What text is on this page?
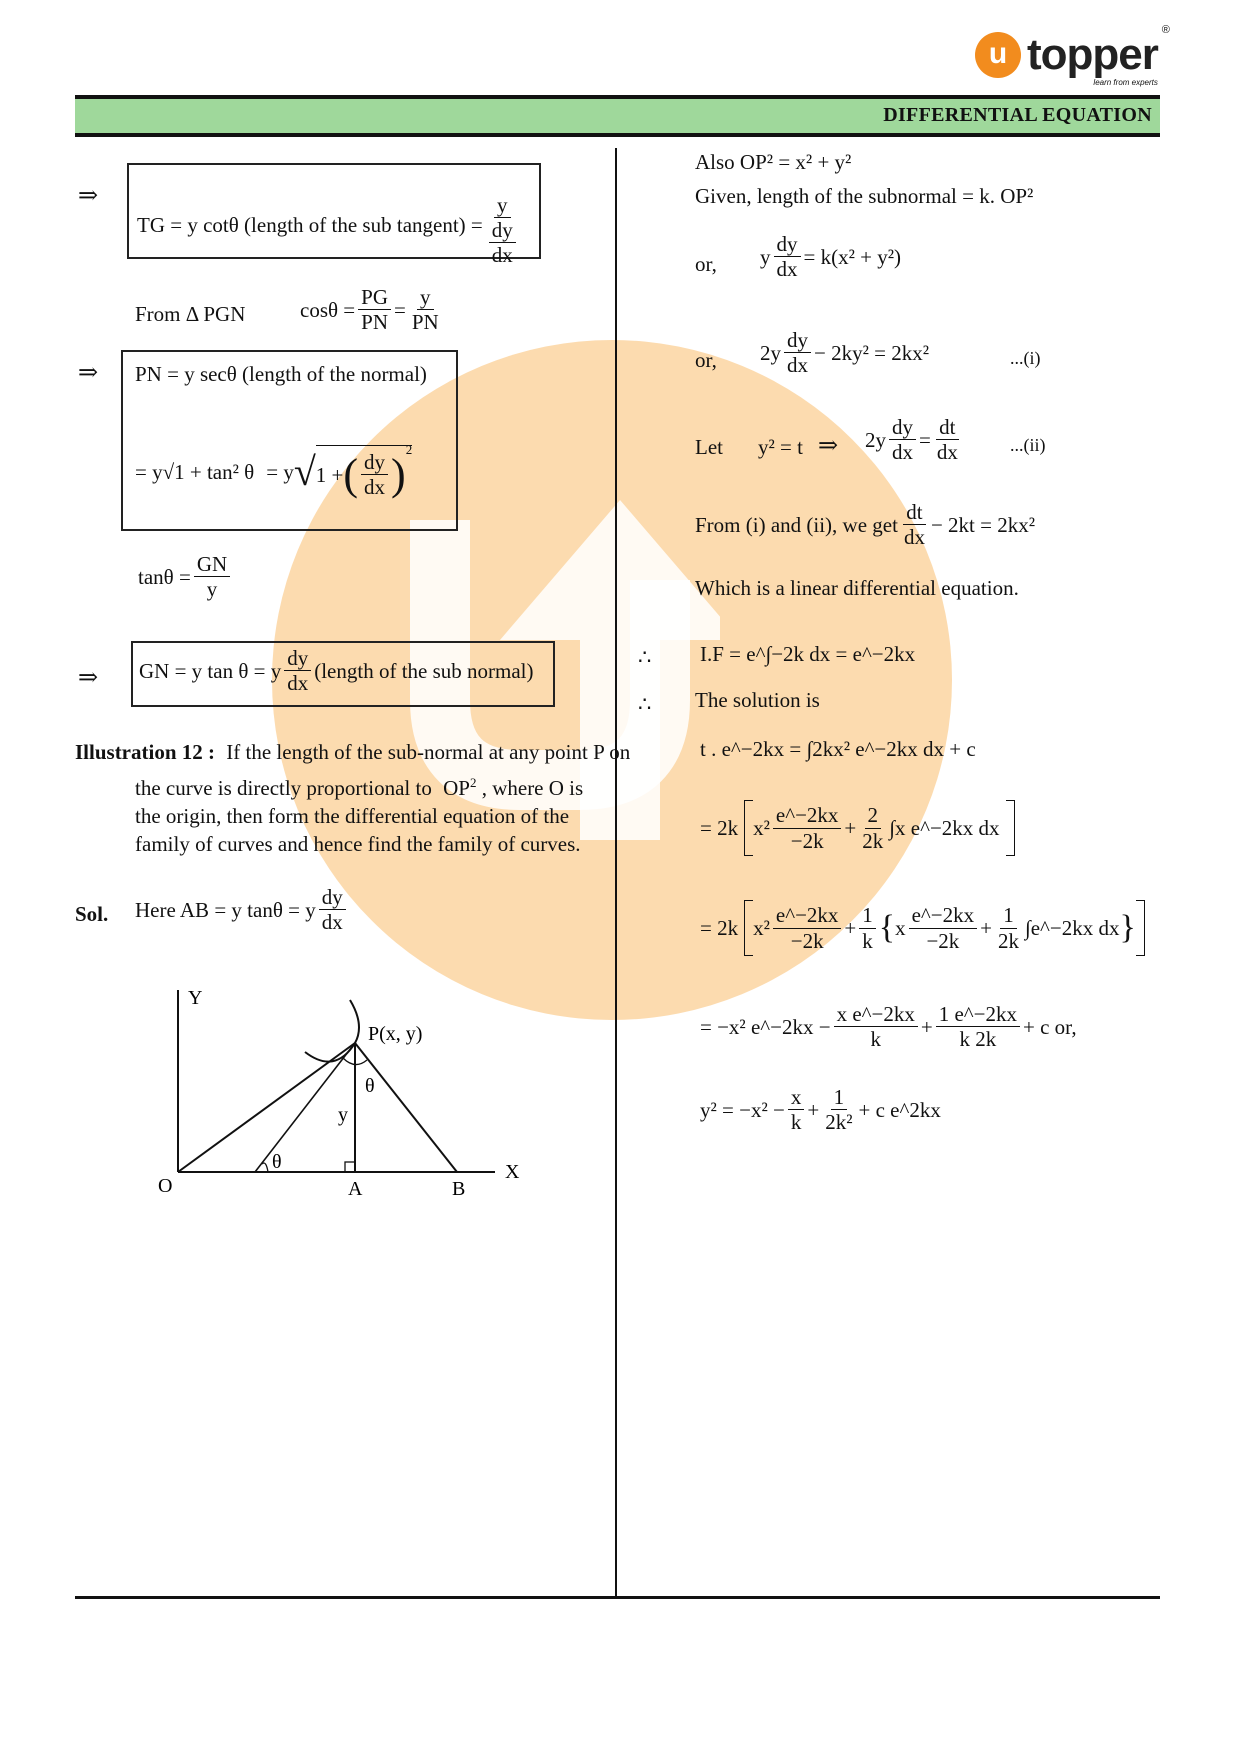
u topper ®
learn from experts
DIFFERENTIAL EQUATION
⇒
TG = y cotθ (length of the sub tangent) = $\frac{y}{\frac{dy}{dx}}$
From Δ PGN	$\cos\theta = \frac{PG}{PN} = \frac{y}{PN}$
⇒ PN = y secθ (length of the normal)
= y√1 + tan² θ = y √ 1 + ( $\frac{dy}{dx}$ )
2
$\tan\theta = \frac{GN}{y}$
⇒ GN = y tan θ = y $\frac{dy}{dx}$ (length of the sub normal)
Illustration 12 : If the length of the sub-normal at any point P on
the curve is directly proportional to $OP^2$ , where O is
the origin, then form the differential equation of the
family of curves and hence find the family of curves.
Sol. Here AB = y tanθ = y $\frac{dy}{dx}$
Y
X
O
P(x, y)
A	B
y
θ
θ
Also OP² = x² + y²
Given, length of the subnormal = k. OP²
or, y $\frac{dy}{dx} = k(x^2 + y^2)$
or, $2y \frac{dy}{dx} - 2ky^2 = 2kx^2$	...(i)
Let y² = t ⇒ $2y \frac{dy}{dx} = \frac{dt}{dx}$	...(ii)
From (i) and (ii), we get $\frac{dt}{dx} - 2kt = 2kx^2$
Which is a linear differential equation.
∴ I.F = e^∫−2k dx = e^−2kx
∴ The solution is
t . e^−2kx = ∫2kx² e^−2kx dx + c
= 2k $x^2 \frac{e\^{}-2kx}{-2k} + \frac{2}{2k} \int x$ e^−2kx dx
= 2k $x^2 \frac{e\^{}-2kx}{-2k} + \frac{1}{k}$ { x $\frac{e\^{}-2kx}{-2k} + \frac{1}{2k}$ ∫e^−2kx dx }
= −x² e^−2kx − $\frac{\text{x e\textasciicircum{}−2kx}}{k} + \frac{1 e\^{}-2kx}{k 2k} + c$ or,
$y^2 = -x^2 - \frac{x}{k} + \frac{1}{\text{2k²}} + c$ e^2kx
